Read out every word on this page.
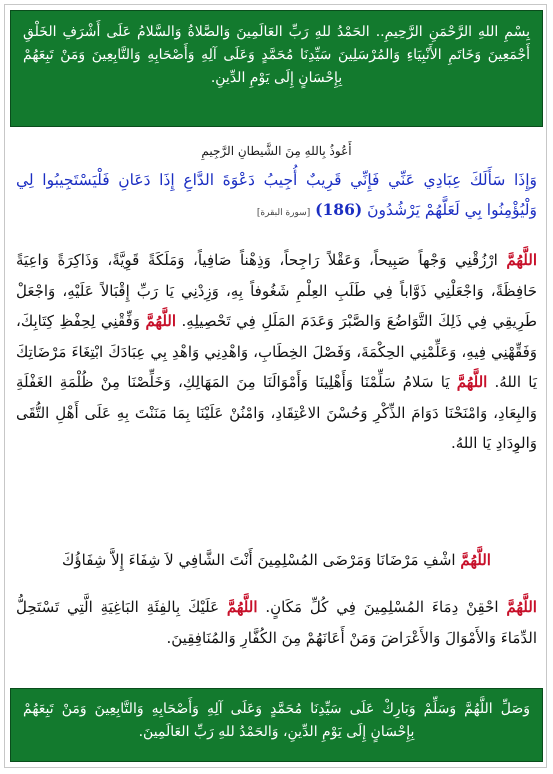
بِسْمِ اللهِ الرَّحْمَنِ الرَّحِيمِ.. الحَمْدُ للهِ رَبِّ العَالَمِينَ وَالصَّلاةُ وَالسَّلامُ عَلَى أَشْرَفِ الخَلْقِ أَجْمَعِينَ وَخَاتَمِ الأَنْبِيَاءِ وَالمُرْسَلِينَ سَيِّدِنَا مُحَمَّدٍ وَعَلَى آلِهِ وَأَصْحَابِهِ وَالتَّابِعِينَ وَمَنْ تَبِعَهُمْ بِإِحْسَانٍ إِلَى يَوْمِ الدِّينِ.
أَعُوذُ بِاللهِ مِنَ الشَّيطانِ الرَّجِيمِ
وَإِذَا سَأَلَكَ عِبَادِي عَنِّي فَإِنِّي قَرِيبٌ أُجِيبُ دَعْوَةَ الدَّاعِ إِذَا دَعَانِ فَلْيَسْتَجِيبُوا لِي وَلْيُؤْمِنُوا بِي لَعَلَّهُمْ يَرْشُدُونَ (186) [سورة البقرة]
اللَّهُمَّ ارْزُقْنِي وَجْهاً صَبِيحاً، وَعَقْلاً رَاجِحاً، وَذِهْناً صَافِياً، وَمَلَكَةً قَوِيَّةً، وَذَاكِرَةً وَاعِيَةً حَافِظَةً، وَاجْعَلْنِي ذَوَّاباً فِي طَلَبِ العِلْمِ شَغُوفاً بِهِ، وَزِدْنِي يَا رَبِّ إِقْبَالاً عَلَيْهِ، وَاجْعَلْ طَرِيقِي فِي ذَلِكَ التَّوَاضُعَ وَالصَّبْرَ وَعَدَمَ المَلَلِ فِي تَحْصِيلِهِ. اللَّهُمَّ وَفِّقْنِي لِحِفْظِ كِتَابِكَ، وَفَقِّهْنِي فِيهِ، وَعَلِّمْنِي الحِكْمَةَ، وَفَصْلَ الخِطَابِ، وَاهْدِنِي وَاهْدِ بِي عِبَادَكَ ابْتِغَاءَ مَرْضَاتِكَ يَا اللهُ. اللَّهُمَّ يَا سَلامُ سَلِّمْنَا وَأَهْلِينَا وَأَمْوَالَنَا مِنَ المَهَالِكِ، وَخَلِّصْنَا مِنْ ظُلْمَةِ الغَفْلَةِ وَالبِعَادِ، وَامْنَحْنَا دَوَامَ الذِّكْرِ وَحُسْنَ الاعْتِقَادِ، وَامْنُنْ عَلَيْنَا بِمَا مَنَنْتَ بِهِ عَلَى أَهْلِ التُّقَى وَالوِدَادِ يَا اللهُ.
اللَّهُمَّ اشْفِ مَرْضَانَا وَمَرْضَى المُسْلِمِينَ أَنْتَ الشَّافِي لاَ شِفَاءَ إِلاَّ شِفَاؤُكَ
اللَّهُمَّ احْقِنْ دِمَاءَ المُسْلِمِينَ فِي كُلِّ مَكَانٍ. اللَّهُمَّ عَلَيْكَ بِالفِئَةِ البَاغِيَةِ الَّتِي تَسْتَحِلُّ الدِّمَاءَ وَالأَمْوَالَ وَالأَعْرَاضَ وَمَنْ أَعَانَهُمْ مِنَ الكُفَّارِ وَالمُنَافِقِينَ.
وَصَلِّ اللَّهُمَّ وَسَلِّمْ وَبَارِكْ عَلَى سَيِّدِنَا مُحَمَّدٍ وَعَلَى آلِهِ وَأَصْحَابِهِ وَالتَّابِعِينَ وَمَنْ تَبِعَهُمْ بِإِحْسَانٍ إِلَى يَوْمِ الدِّينِ، وَالحَمْدُ للهِ رَبِّ العَالَمِينَ.
